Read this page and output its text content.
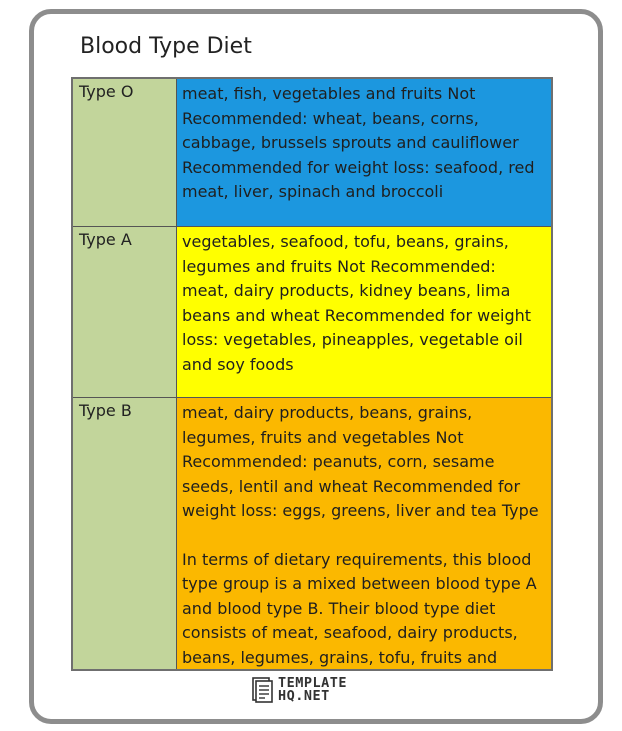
Blood Type Diet
Type O	meat, fish, vegetables and fruits Not Recommended: wheat, beans, corns, cabbage, brussels sprouts and cauliflower Recommended for weight loss: seafood, red meat, liver, spinach and broccoli
Type A	vegetables, seafood, tofu, beans, grains, legumes and fruits Not Recommended: meat, dairy products, kidney beans, lima beans and wheat Recommended for weight loss: vegetables, pineapples, vegetable oil and soy foods
Type B	meat, dairy products, beans, grains, legumes, fruits and vegetables Not Recommended: peanuts, corn, sesame seeds, lentil and wheat Recommended for weight loss: eggs, greens, liver and tea Type
In terms of dietary requirements, this blood type group is a mixed between blood type A and blood type B. Their blood type diet consists of meat, seafood, dairy products, beans, legumes, grains, tofu, fruits and
TEMPLATE
HQ.NET
